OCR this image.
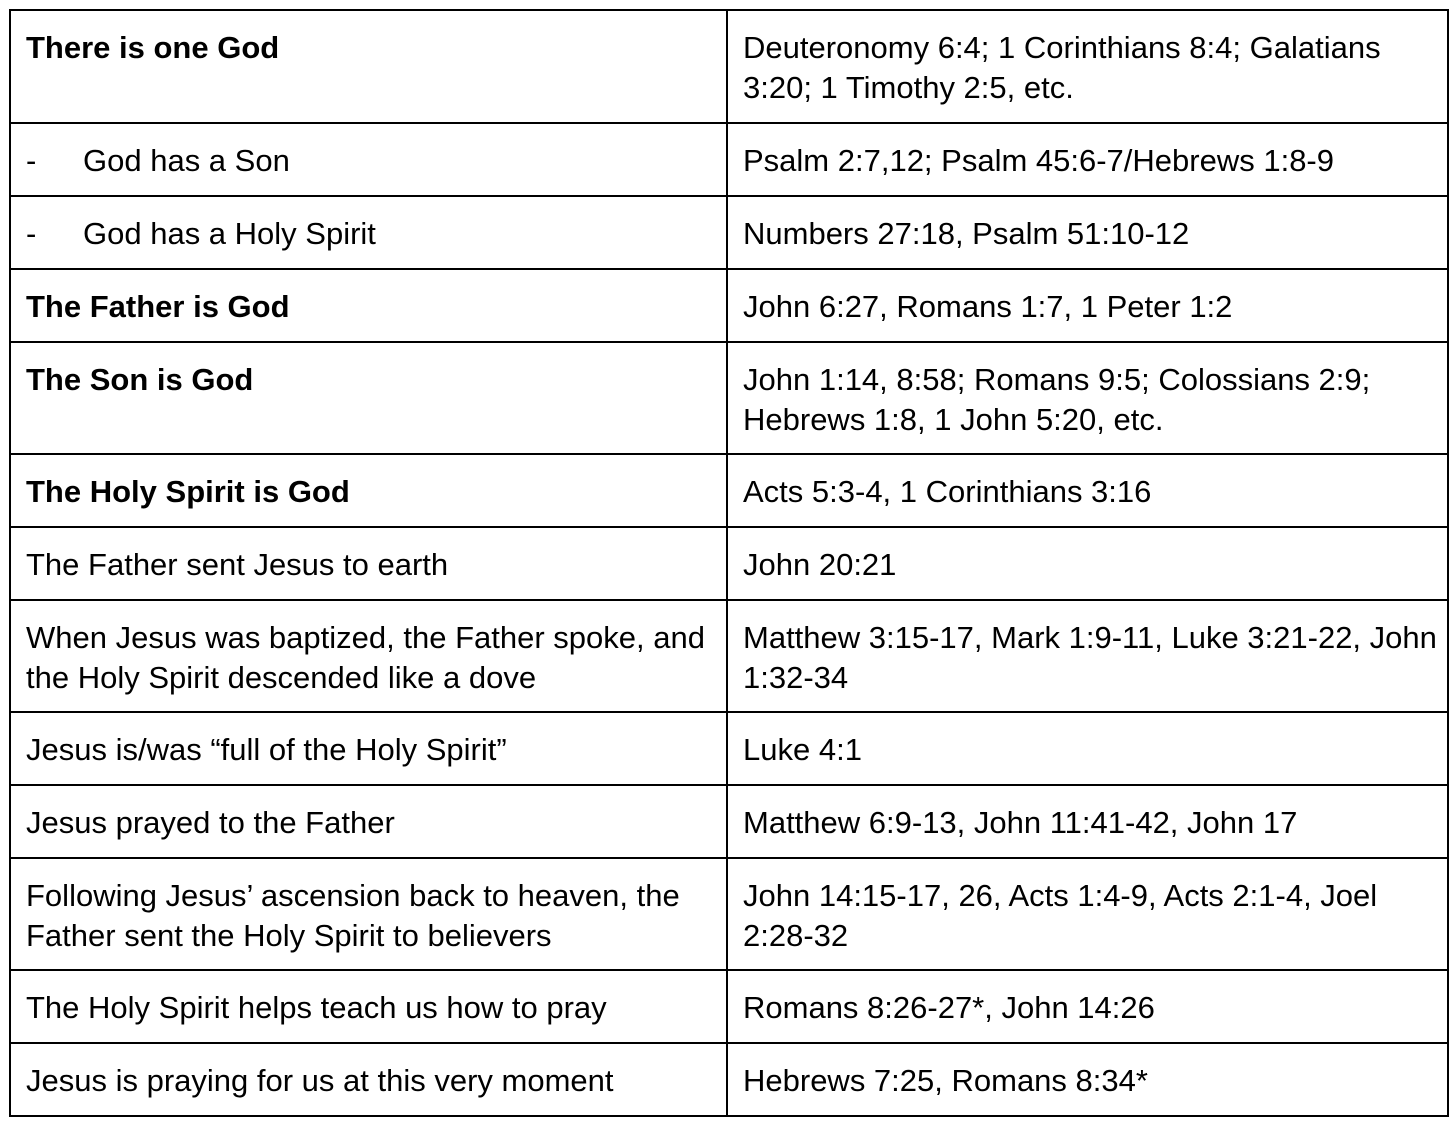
There is one God	Deuteronomy 6:4; 1 Corinthians 8:4; Galatians 3:20; 1 Timothy 2:5, etc.
- God has a Son	Psalm 2:7,12; Psalm 45:6-7/Hebrews 1:8-9
- God has a Holy Spirit	Numbers 27:18, Psalm 51:10-12
The Father is God	John 6:27, Romans 1:7, 1 Peter 1:2
The Son is God	John 1:14, 8:58; Romans 9:5; Colossians 2:9; Hebrews 1:8, 1 John 5:20, etc.
The Holy Spirit is God	Acts 5:3-4, 1 Corinthians 3:16
The Father sent Jesus to earth	John 20:21
When Jesus was baptized, the Father spoke, and the Holy Spirit descended like a dove	Matthew 3:15-17, Mark 1:9-11, Luke 3:21-22, John 1:32-34
Jesus is/was “full of the Holy Spirit”	Luke 4:1
Jesus prayed to the Father	Matthew 6:9-13, John 11:41-42, John 17
Following Jesus’ ascension back to heaven, the Father sent the Holy Spirit to believers	John 14:15-17, 26, Acts 1:4-9, Acts 2:1-4, Joel 2:28-32
The Holy Spirit helps teach us how to pray	Romans 8:26-27*, John 14:26
Jesus is praying for us at this very moment	Hebrews 7:25, Romans 8:34*
